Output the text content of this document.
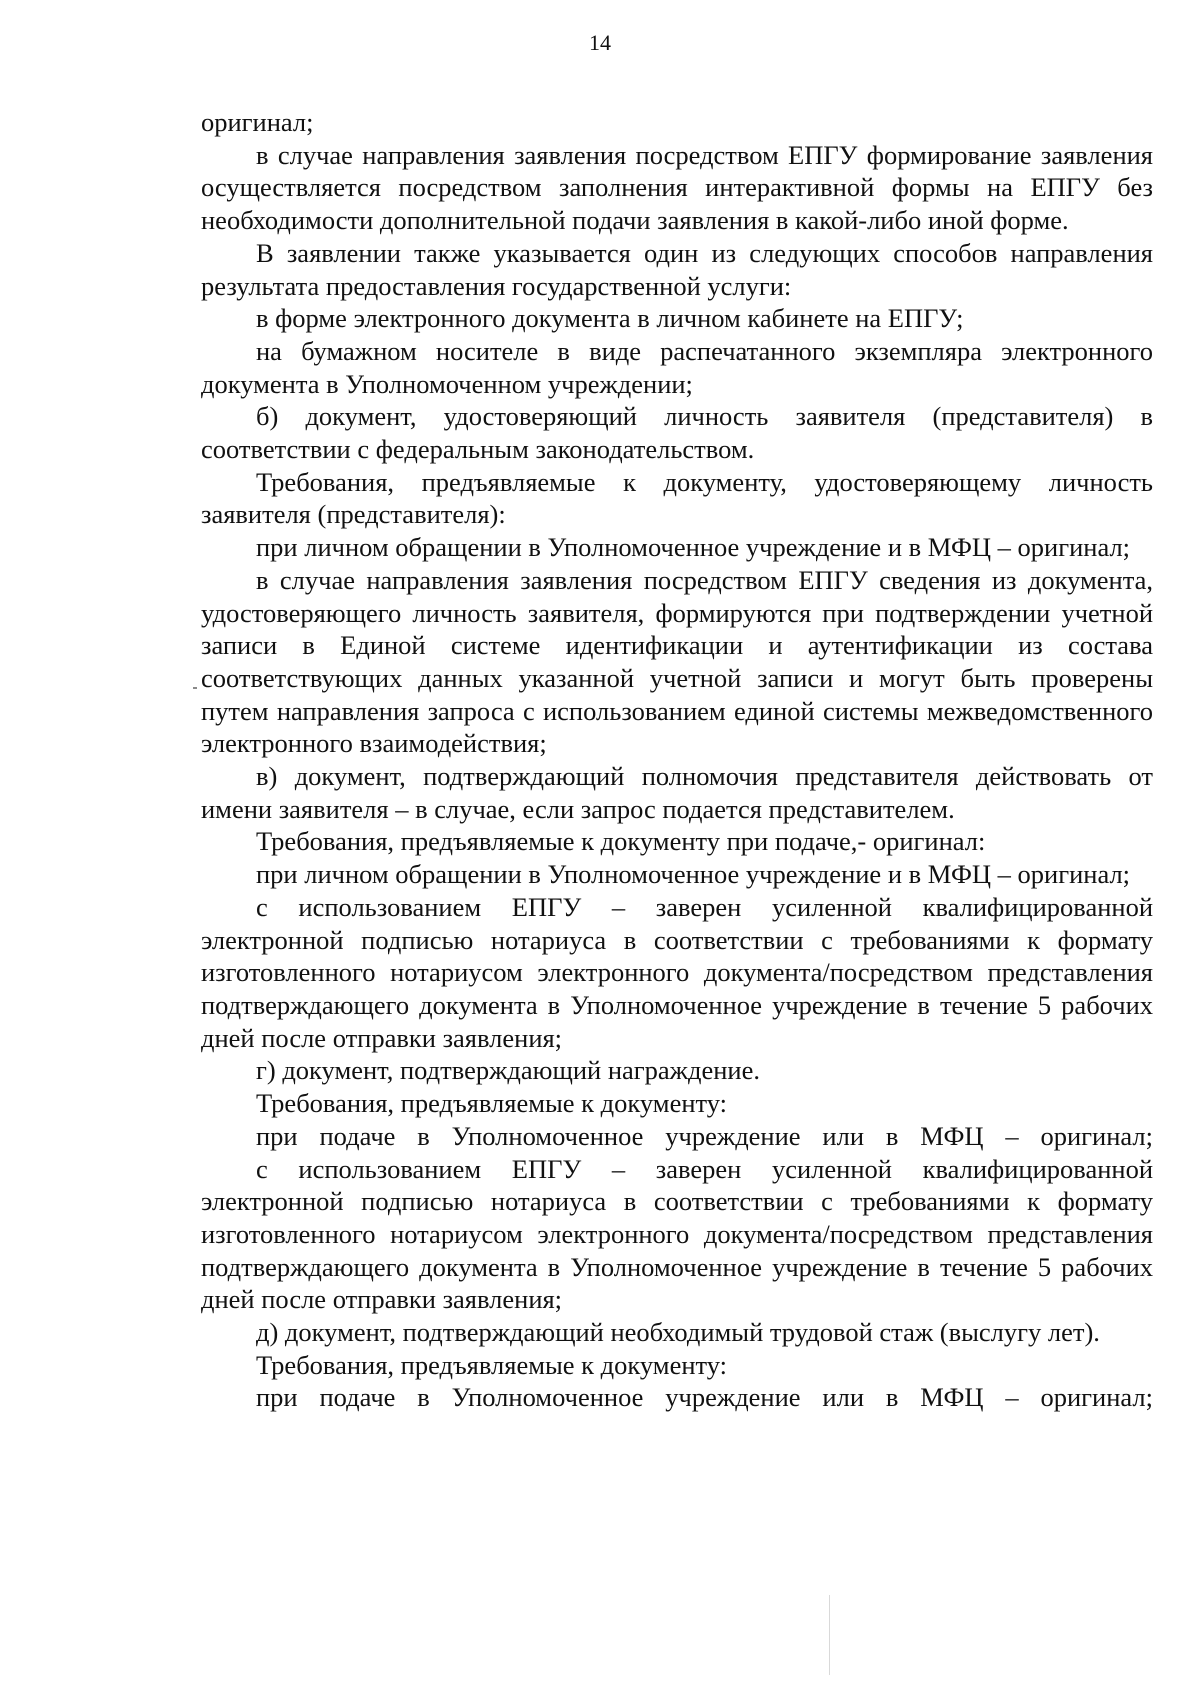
14

оригинал;

в случае направления заявления посредством ЕПГУ формирование заявления осуществляется посредством заполнения интерактивной формы на ЕПГУ без необходимости дополнительной подачи заявления в какой-либо иной форме.

В заявлении также указывается один из следующих способов направления результата предоставления государственной услуги:

в форме электронного документа в личном кабинете на ЕПГУ;

на бумажном носителе в виде распечатанного экземпляра электронного документа в Уполномоченном учреждении;

б) документ, удостоверяющий личность заявителя (представителя) в соответствии с федеральным законодательством.

Требования, предъявляемые к документу, удостоверяющему личность заявителя (представителя):

при личном обращении в Уполномоченное учреждение и в МФЦ – оригинал;

в случае направления заявления посредством ЕПГУ сведения из документа, удостоверяющего личность заявителя, формируются при подтверждении учетной записи в Единой системе идентификации и аутентификации из состава соответствующих данных указанной учетной записи и могут быть проверены путем направления запроса с использованием единой системы межведомственного электронного взаимодействия;

в) документ, подтверждающий полномочия представителя действовать от имени заявителя – в случае, если запрос подается представителем.

Требования, предъявляемые к документу при подаче,- оригинал:

при личном обращении в Уполномоченное учреждение и в МФЦ – оригинал;

с использованием ЕПГУ – заверен усиленной квалифицированной электронной подписью нотариуса в соответствии с требованиями к формату изготовленного нотариусом электронного документа/посредством представления подтверждающего документа в Уполномоченное учреждение в течение 5 рабочих дней после отправки заявления;

г) документ, подтверждающий награждение.

Требования, предъявляемые к документу:

при подаче в Уполномоченное учреждение или в МФЦ – оригинал;

с использованием ЕПГУ – заверен усиленной квалифицированной электронной подписью нотариуса в соответствии с требованиями к формату изготовленного нотариусом электронного документа/посредством представления подтверждающего документа в Уполномоченное учреждение в течение 5 рабочих дней после отправки заявления;

д) документ, подтверждающий необходимый трудовой стаж (выслугу лет).

Требования, предъявляемые к документу:

при подаче в Уполномоченное учреждение или в МФЦ – оригинал;
